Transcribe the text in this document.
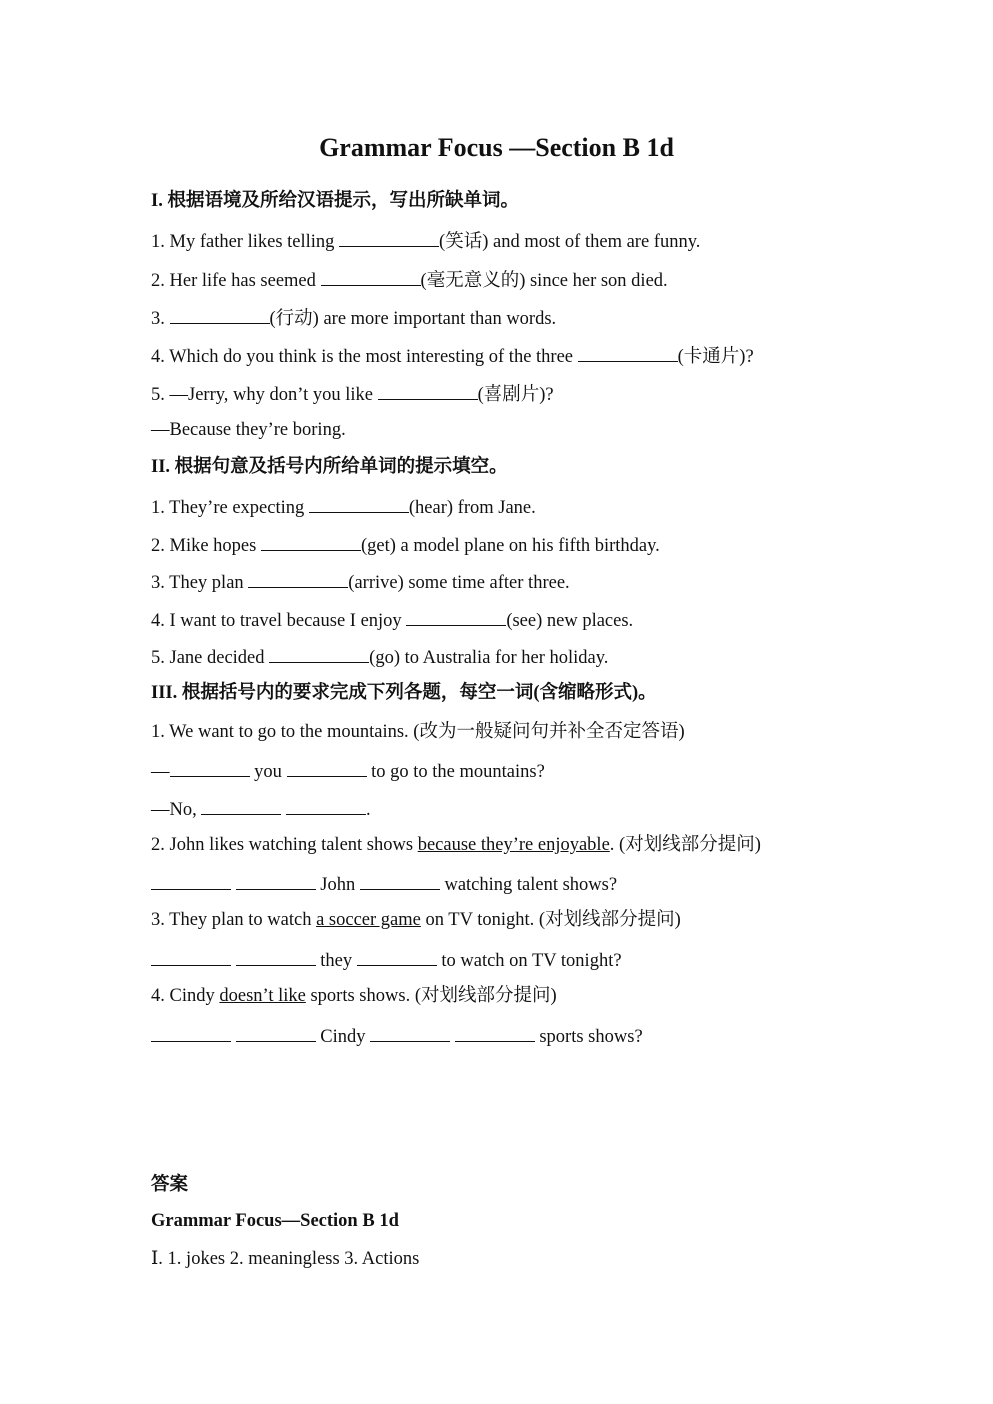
Grammar Focus —Section B 1d
I. 根据语境及所给汉语提示，写出所缺单词。
1. My father likes telling	(笑话) and most of them are funny.
2. Her life has seemed	(毫无意义的) since her son died.
3.	(行动) are more important than words.
4. Which do you think is the most interesting of the three	(卡通片)?
5. —Jerry, why don’t you like	(喜剧片)?
—Because they’re boring.
II. 根据句意及括号内所给单词的提示填空。
1. They’re expecting	(hear) from Jane.
2. Mike hopes	(get) a model plane on his fifth birthday.
3. They plan	(arrive) some time after three.
4. I want to travel because I enjoy	(see) new places.
5. Jane decided	(go) to Australia for her holiday.
III. 根据括号内的要求完成下列各题，每空一词(含缩略形式)。
1. We want to go to the mountains. (改为一般疑问句并补全否定答语)
—	you	to go to the mountains?
—No,	.
2. John likes watching talent shows because they’re enjoyable. (对划线部分提问)
John	watching talent shows?
3. They plan to watch a soccer game on TV tonight. (对划线部分提问)
they	to watch on TV tonight?
4. Cindy doesn’t like sports shows. (对划线部分提问)
Cindy	sports shows?
答案
Grammar Focus—Section B 1d
Ⅰ. 1. jokes 2. meaningless 3. Actions
